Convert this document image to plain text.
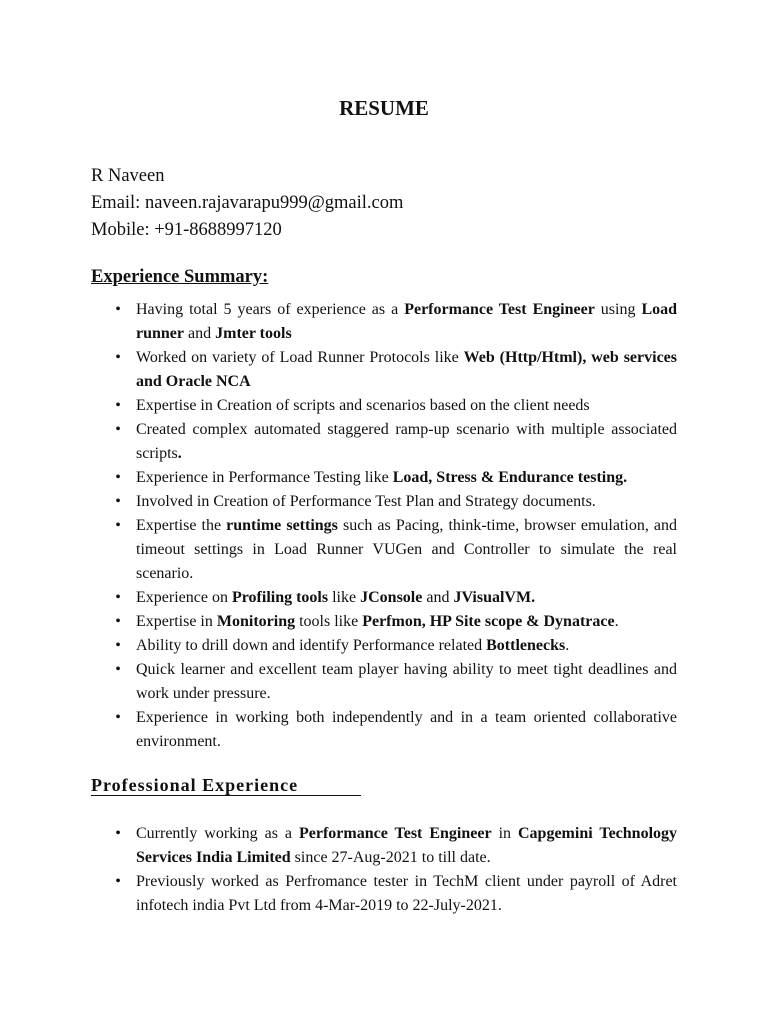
RESUME
R Naveen
Email: naveen.rajavarapu999@gmail.com
Mobile: +91-8688997120
Experience Summary:
• Having total 5 years of experience as a Performance Test Engineer using Load runner and Jmter tools
• Worked on variety of Load Runner Protocols like Web (Http/Html), web services and Oracle NCA
• Expertise in Creation of scripts and scenarios based on the client needs
• Created complex automated staggered ramp-up scenario with multiple associated scripts.
• Experience in Performance Testing like Load, Stress & Endurance testing.
• Involved in Creation of Performance Test Plan and Strategy documents.
• Expertise the runtime settings such as Pacing, think-time, browser emulation, and timeout settings in Load Runner VUGen and Controller to simulate the real scenario.
• Experience on Profiling tools like JConsole and JVisualVM.
• Expertise in Monitoring tools like Perfmon, HP Site scope & Dynatrace.
• Ability to drill down and identify Performance related Bottlenecks.
• Quick learner and excellent team player having ability to meet tight deadlines and work under pressure.
• Experience in working both independently and in a team oriented collaborative environment.
Professional Experience
• Currently working as a Performance Test Engineer in Capgemini Technology Services India Limited since 27-Aug-2021 to till date.
• Previously worked as Perfromance tester in TechM client under payroll of Adret infotech india Pvt Ltd from 4-Mar-2019 to 22-July-2021.
